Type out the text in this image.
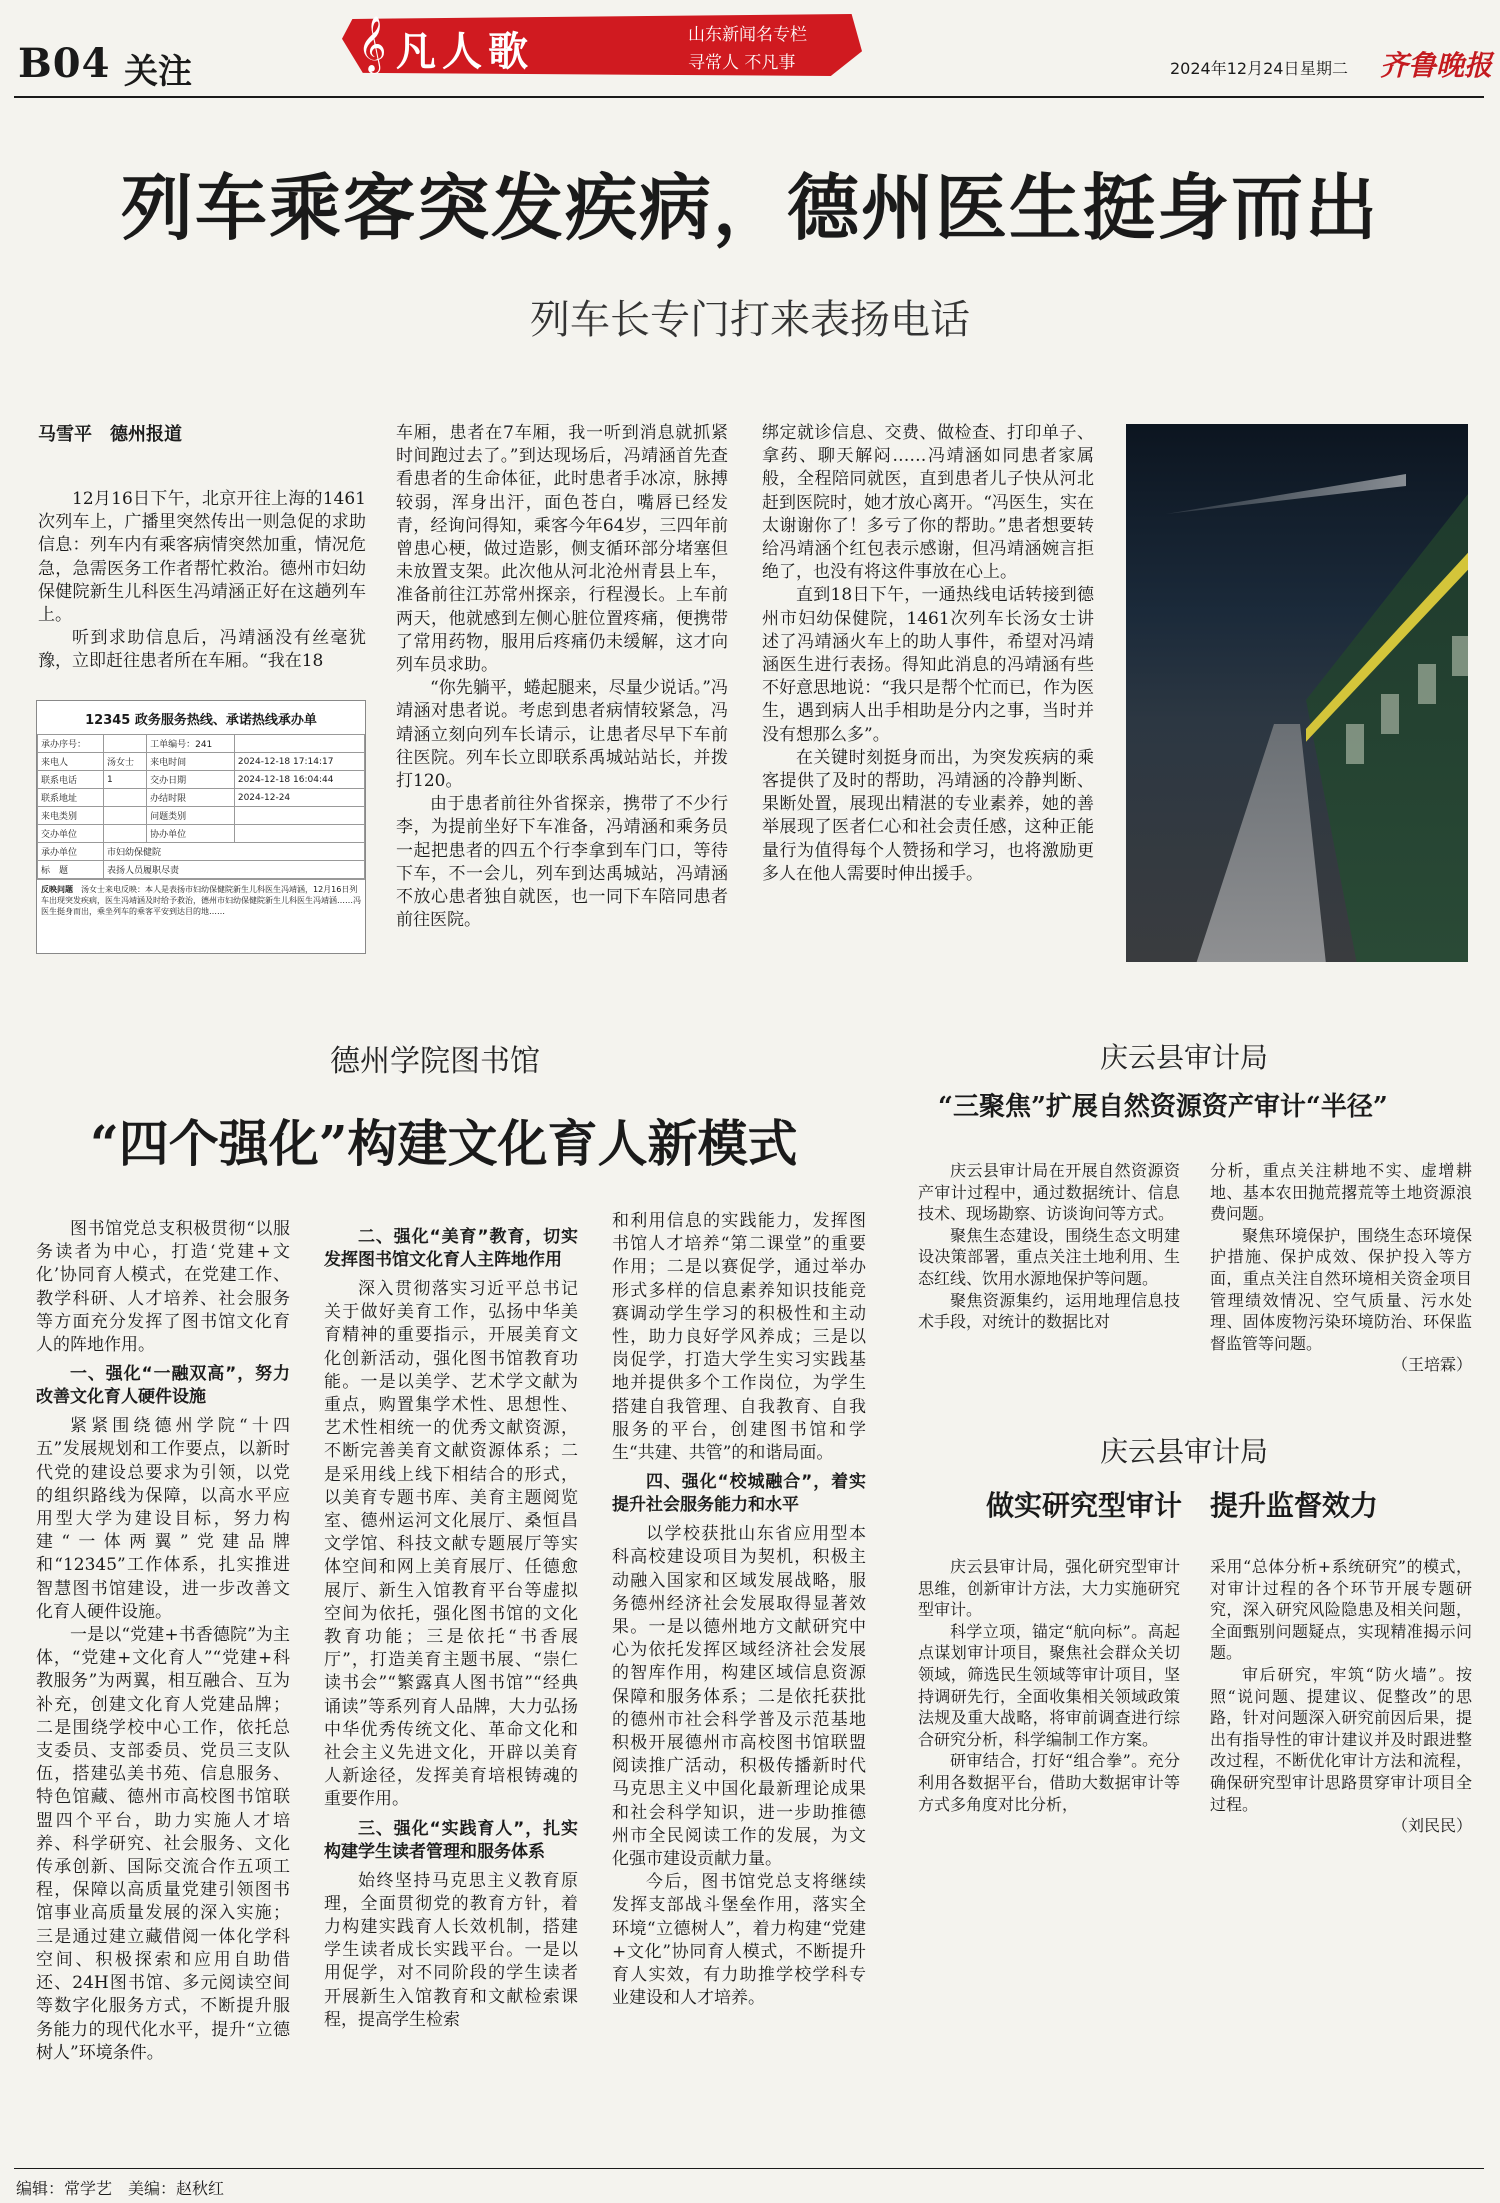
B04 关注	𝄞 凡人歌	山东新闻名专栏
寻常人 不凡事	2024年12月24日 星期二 齐鲁晚报
列车乘客突发疾病，德州医生挺身而出
列车长专门打来表扬电话
马雪平　德州报道

12月16日下午，北京开往上海的1461次列车上，广播里突然传出一则急促的求助信息：列车内有乘客病情突然加重，情况危急，急需医务工作者帮忙救治。德州市妇幼保健院新生儿科医生冯靖涵正好在这趟列车上。

听到求助信息后，冯靖涵没有丝毫犹豫，立即赶往患者所在车厢。“我在18

12345 政务服务热线、承诺热线承办单
承办序号：		工单编号：241	
来电人	汤女士	来电时间	2024-12-18 17:14:17
联系电话	1	交办日期	2024-12-18 16:04:44
联系地址		办结时限	2024-12-24
来电类别		问题类别	
交办单位		协办单位	
承办单位	市妇幼保健院		
标　题	表扬人员履职尽责		
反映问题　 汤女士来电反映：本人是表扬市妇幼保健院新生儿科医生冯靖涵，12月16日列车出现突发疾病，医生冯靖涵及时给予救治，德州市妇幼保健院新生儿科医生冯靖涵……冯医生挺身而出，乘坐列车的乘客平安到达目的地……
车厢，患者在7车厢，我一听到消息就抓紧时间跑过去了。”到达现场后，冯靖涵首先查看患者的生命体征，此时患者手冰凉，脉搏较弱，浑身出汗，面色苍白，嘴唇已经发青，经询问得知，乘客今年64岁，三四年前曾患心梗，做过造影，侧支循环部分堵塞但未放置支架。此次他从河北沧州青县上车，准备前往江苏常州探亲，行程漫长。上车前两天，他就感到左侧心脏位置疼痛，便携带了常用药物，服用后疼痛仍未缓解，这才向列车员求助。

“你先躺平，蜷起腿来，尽量少说话。”冯靖涵对患者说。考虑到患者病情较紧急，冯靖涵立刻向列车长请示，让患者尽早下车前往医院。列车长立即联系禹城站站长，并拨打120。

由于患者前往外省探亲，携带了不少行李，为提前坐好下车准备，冯靖涵和乘务员一起把患者的四五个行李拿到车门口，等待下车，不一会儿，列车到达禹城站，冯靖涵不放心患者独自就医，也一同下车陪同患者前往医院。

绑定就诊信息、交费、做检查、打印单子、拿药、聊天解闷……冯靖涵如同患者家属般，全程陪同就医，直到患者儿子快从河北赶到医院时，她才放心离开。“冯医生，实在太谢谢你了！多亏了你的帮助。”患者想要转给冯靖涵个红包表示感谢，但冯靖涵婉言拒绝了，也没有将这件事放在心上。

直到18日下午，一通热线电话转接到德州市妇幼保健院，1461次列车长汤女士讲述了冯靖涵火车上的助人事件，希望对冯靖涵医生进行表扬。得知此消息的冯靖涵有些不好意思地说：“我只是帮个忙而已，作为医生，遇到病人出手相助是分内之事，当时并没有想那么多”。

在关键时刻挺身而出，为突发疾病的乘客提供了及时的帮助，冯靖涵的冷静判断、果断处置，展现出精湛的专业素养，她的善举展现了医者仁心和社会责任感，这种正能量行为值得每个人赞扬和学习，也将激励更多人在他人需要时伸出援手。

德州学院图书馆
“四个强化”构建文化育人新模式

图书馆党总支积极贯彻“以服务读者为中心，打造‘党建+文化’协同育人模式，在党建工作、教学科研、人才培养、社会服务等方面充分发挥了图书馆文化育人的阵地作用。

一、强化“一融双高”，努力改善文化育人硬件设施

紧紧围绕德州学院“十四五”发展规划和工作要点，以新时代党的建设总要求为引领，以党的组织路线为保障，以高水平应用型大学为建设目标，努力构建“一体两翼”党建品牌和“12345”工作体系，扎实推进智慧图书馆建设，进一步改善文化育人硬件设施。

一是以“党建+书香德院”为主体，“党建+文化育人”“党建+科教服务”为两翼，相互融合、互为补充，创建文化育人党建品牌；二是围绕学校中心工作，依托总支委员、支部委员、党员三支队伍，搭建弘美书苑、信息服务、特色馆藏、德州市高校图书馆联盟四个平台，助力实施人才培养、科学研究、社会服务、文化传承创新、国际交流合作五项工程，保障以高质量党建引领图书馆事业高质量发展的深入实施；三是通过建立藏借阅一体化学科空间、积极探索和应用自助借还、24H图书馆、多元阅读空间等数字化服务方式，不断提升服务能力的现代化水平，提升“立德树人”环境条件。

二、强化“美育”教育，切实发挥图书馆文化育人主阵地作用

深入贯彻落实习近平总书记关于做好美育工作，弘扬中华美育精神的重要指示，开展美育文化创新活动，强化图书馆教育功能。一是以美学、艺术学文献为重点，购置集学术性、思想性、艺术性相统一的优秀文献资源，不断完善美育文献资源体系；二是采用线上线下相结合的形式，以美育专题书库、美育主题阅览室、德州运河文化展厅、桑恒昌文学馆、科技文献专题展厅等实体空间和网上美育展厅、任德愈展厅、新生入馆教育平台等虚拟空间为依托，强化图书馆的文化教育功能；三是依托“书香展厅”，打造美育主题书展、“崇仁读书会”“繁露真人图书馆”“经典诵读”等系列育人品牌，大力弘扬中华优秀传统文化、革命文化和社会主义先进文化，开辟以美育人新途径，发挥美育培根铸魂的重要作用。

三、强化“实践育人”，扎实构建学生读者管理和服务体系

始终坚持马克思主义教育原理，全面贯彻党的教育方针，着力构建实践育人长效机制，搭建学生读者成长实践平台。一是以用促学，对不同阶段的学生读者开展新生入馆教育和文献检索课程，提高学生检索

和利用信息的实践能力，发挥图书馆人才培养“第二课堂”的重要作用；二是以赛促学，通过举办形式多样的信息素养知识技能竞赛调动学生学习的积极性和主动性，助力良好学风养成；三是以岗促学，打造大学生实习实践基地并提供多个工作岗位，为学生搭建自我管理、自我教育、自我服务的平台，创建图书馆和学生“共建、共管”的和谐局面。
四、强化“校城融合”，着实提升社会服务能力和水平

以学校获批山东省应用型本科高校建设项目为契机，积极主动融入国家和区域发展战略，服务德州经济社会发展取得显著效果。一是以德州地方文献研究中心为依托发挥区域经济社会发展的智库作用，构建区域信息资源保障和服务体系；二是依托获批的德州市社会科学普及示范基地积极开展德州市高校图书馆联盟阅读推广活动，积极传播新时代马克思主义中国化最新理论成果和社会科学知识，进一步助推德州市全民阅读工作的发展，为文化强市建设贡献力量。

今后，图书馆党总支将继续发挥支部战斗堡垒作用，落实全环境“立德树人”，着力构建“党建+文化”协同育人模式，不断提升育人实效，有力助推学校学科专业建设和人才培养。

庆云县审计局
“三聚焦”扩展自然资源资产审计“半径”

庆云县审计局在开展自然资源资产审计过程中，通过数据统计、信息技术、现场勘察、访谈询问等方式。

聚焦生态建设，围绕生态文明建设决策部署，重点关注土地利用、生态红线、饮用水源地保护等问题。

聚焦资源集约，运用地理信息技术手段，对统计的数据比对

分析，重点关注耕地不实、虚增耕地、基本农田抛荒撂荒等土地资源浪费问题。

聚焦环境保护，围绕生态环境保护措施、保护成效、保护投入等方面，重点关注自然环境相关资金项目管理绩效情况、空气质量、污水处理、固体废物污染环境防治、环保监督监管等问题。

（王培霖）
庆云县审计局
做实研究型审计　提升监督效力

庆云县审计局，强化研究型审计思维，创新审计方法，大力实施研究型审计。

科学立项，锚定“航向标”。高起点谋划审计项目，聚焦社会群众关切领域，筛选民生领域等审计项目，坚持调研先行，全面收集相关领域政策法规及重大战略，将审前调查进行综合研究分析，科学编制工作方案。

研审结合，打好“组合拳”。充分利用各数据平台，借助大数据审计等方式多角度对比分析，

采用“总体分析+系统研究”的模式，对审计过程的各个环节开展专题研究，深入研究风险隐患及相关问题，全面甄别问题疑点，实现精准揭示问题。

审后研究，牢筑“防火墙”。按照“说问题、提建议、促整改”的思路，针对问题深入研究前因后果，提出有指导性的审计建议并及时跟进整改过程，不断优化审计方法和流程，确保研究型审计思路贯穿审计项目全过程。

（刘民民）
编辑：常学艺 美编：赵秋红
